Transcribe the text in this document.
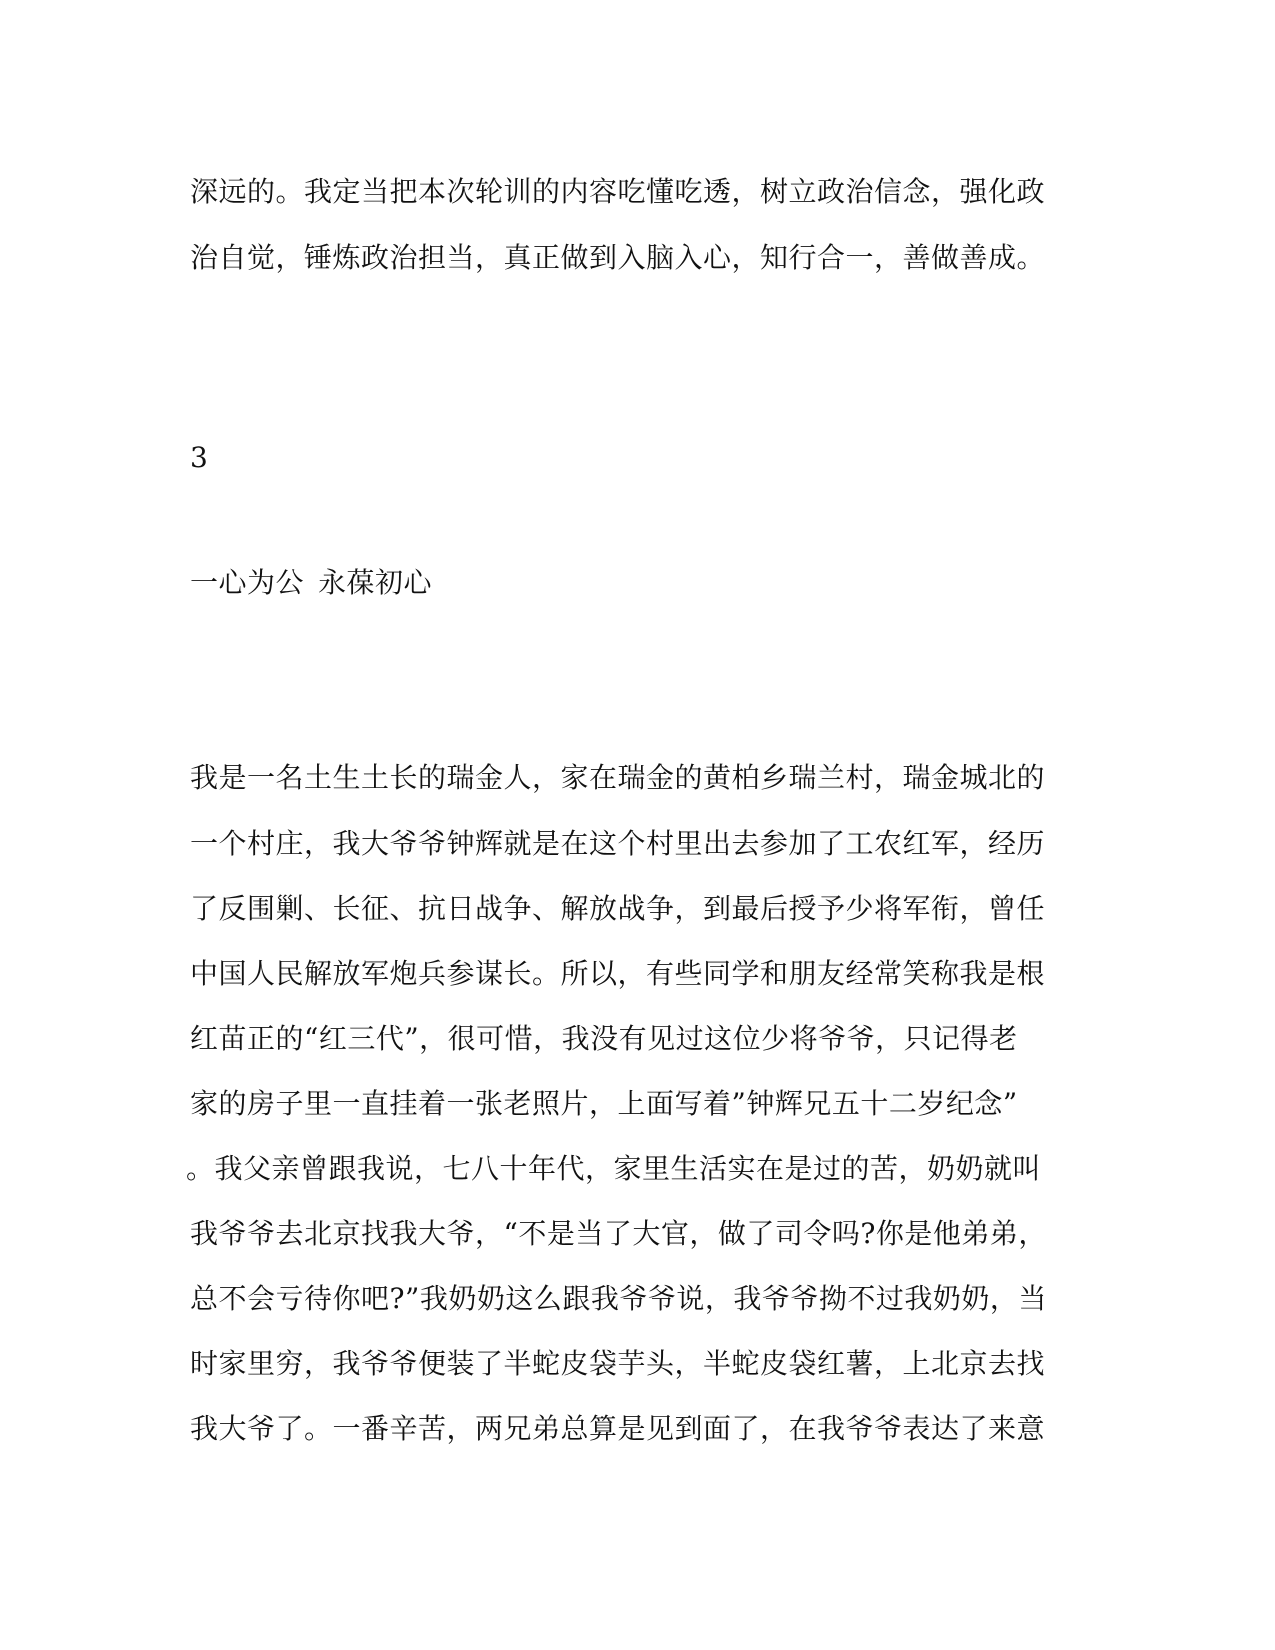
深远的。我定当把本次轮训的内容吃懂吃透，树立政治信念，强化政
治自觉，锤炼政治担当，真正做到入脑入心，知行合一，善做善成。
3
一心为公 永葆初心
我是一名土生土长的瑞金人，家在瑞金的黄柏乡瑞兰村，瑞金城北的
一个村庄，我大爷爷钟辉就是在这个村里出去参加了工农红军，经历
了反围剿、长征、抗日战争、解放战争，到最后授予少将军衔，曾任
中国人民解放军炮兵参谋长。所以，有些同学和朋友经常笑称我是根
红苗正的“红三代”，很可惜，我没有见过这位少将爷爷，只记得老
家的房子里一直挂着一张老照片，上面写着”钟辉兄五十二岁纪念”
。我父亲曾跟我说，七八十年代，家里生活实在是过的苦，奶奶就叫
我爷爷去北京找我大爷，“不是当了大官，做了司令吗?你是他弟弟，
总不会亏待你吧?”我奶奶这么跟我爷爷说，我爷爷拗不过我奶奶，当
时家里穷，我爷爷便装了半蛇皮袋芋头，半蛇皮袋红薯，上北京去找
我大爷了。一番辛苦，两兄弟总算是见到面了，在我爷爷表达了来意
